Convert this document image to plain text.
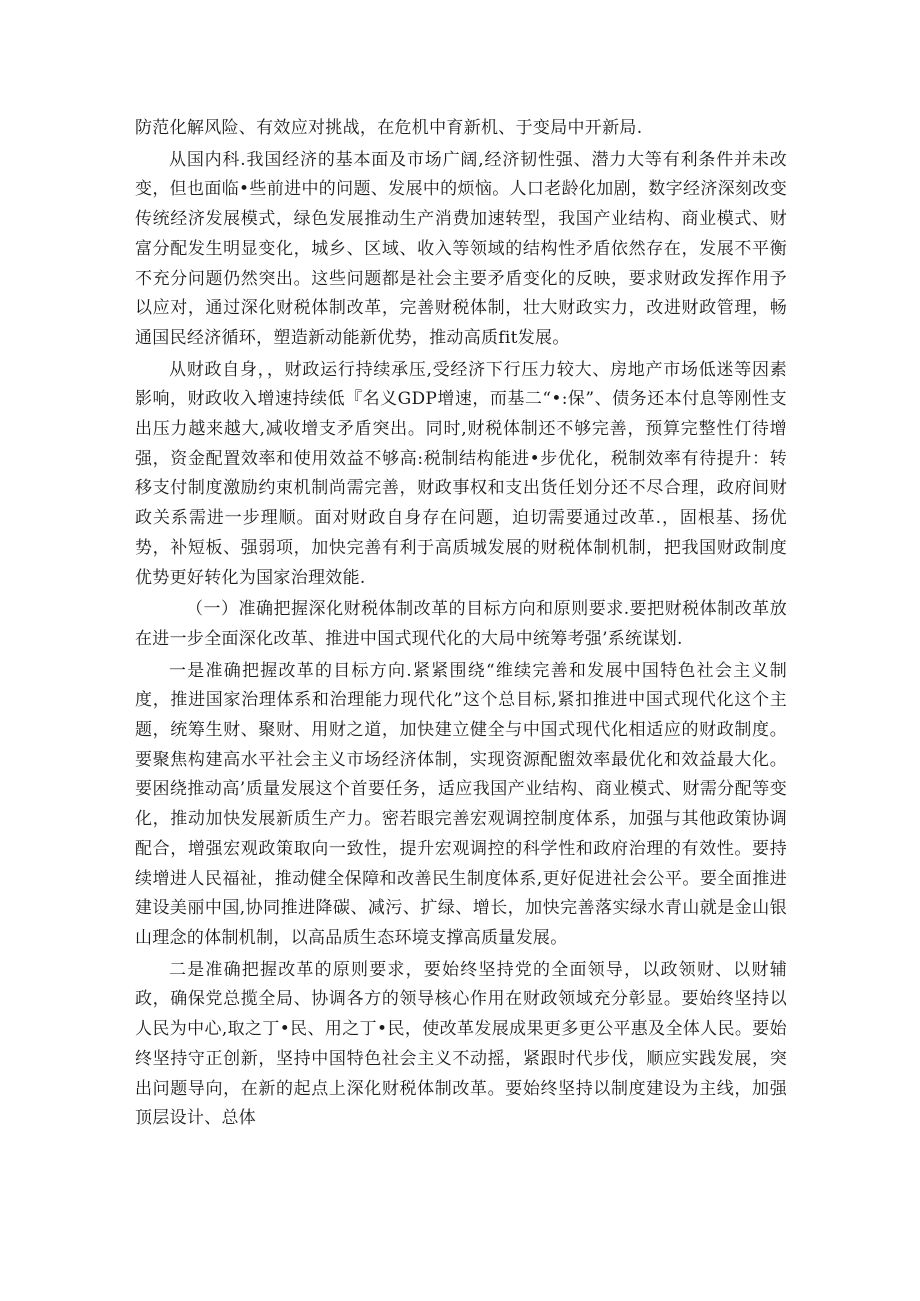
防范化解风险、有效应对挑战，在危机中育新机、于变局中开新局.

从国内科.我国经济的基本面及市场广阔,经济韧性强、潜力大等有利条件并未改变，但也面临•些前进中的问题、发展中的烦恼。人口老龄化加剧，数字经济深刻改变传统经济发展模式，绿色发展推动生产消费加速转型，我国产业结构、商业模式、财富分配发生明显变化，城乡、区域、收入等领域的结构性矛盾依然存在，发展不平衡不充分问题仍然突出。这些问题都是社会主要矛盾变化的反映，要求财政发挥作用予以应对，通过深化财税体制改革，完善财税体制，壮大财政实力，改进财政管理，畅通国民经济循环，塑造新动能新优势，推动高质fit发展。

从财政自身，，财政运行持续承压,受经济下行压力较大、房地产市场低迷等因素影响，财政收入增速持续低『名义GDP增速，而基二“•:保”、债务还本付息等刚性支出压力越来越大,减收增支矛盾突出。同时,财税体制还不够完善，预算完整性仃待增强，资金配置效率和使用效益不够高:税制结构能进•步优化，税制效率有待提升：转移支付制度激励约束机制尚需完善，财政事权和支出货任划分还不尽合理，政府间财政关系需进一步理顺。面对财政自身存在问题，迫切需要通过改革.，固根基、扬优势，补短板、强弱项，加快完善有利于高质城发展的财税体制机制，把我国财政制度优势更好转化为国家治理效能.

（一）准确把握深化财税体制改革的目标方向和原则要求.要把财税体制改革放在进一步全面深化改革、推进中国式现代化的大局中统筹考强’系统谋划.

一是准确把握改革的目标方向.紧紧围绕“维续完善和发展中国特色社会主义制度，推进国家治理体系和治理能力现代化”这个总目标,紧扣推进中国式现代化这个主题，统筹生财、聚财、用财之道，加快建立健全与中国式现代化相适应的财政制度。要聚焦构建高水平社会主义市场经济体制，实现资源配盥效率最优化和效益最大化。要困绕推动高’质量发展这个首要任务，适应我国产业结构、商业模式、财需分配等变化，推动加快发展新质生产力。密若眼完善宏观调控制度体系，加强与其他政策协调配合，增强宏观政策取向一致性，提升宏观调控的科学性和政府治理的有效性。要持续增进人民福祉，推动健全保障和改善民生制度体系,更好促进社会公平。要全面推进建设美丽中国,协同推进降碳、减污、扩绿、增长，加快完善落实绿水青山就是金山银山理念的体制机制，以高品质生态环境支撑高质量发展。

二是准确把握改革的原则要求，要始终坚持党的全面领导，以政领财、以财辅政，确保党总揽全局、协调各方的领导核心作用在财政领域充分彰显。要始终坚持以人民为中心,取之丁•民、用之丁•民，使改革发展成果更多更公平惠及全体人民。要始终坚持守正创新，坚持中国特色社会主义不动摇，紧跟时代步伐，顺应实践发展，突出问题导向，在新的起点上深化财税体制改革。要始终坚持以制度建设为主线，加强顶层设计、总体
